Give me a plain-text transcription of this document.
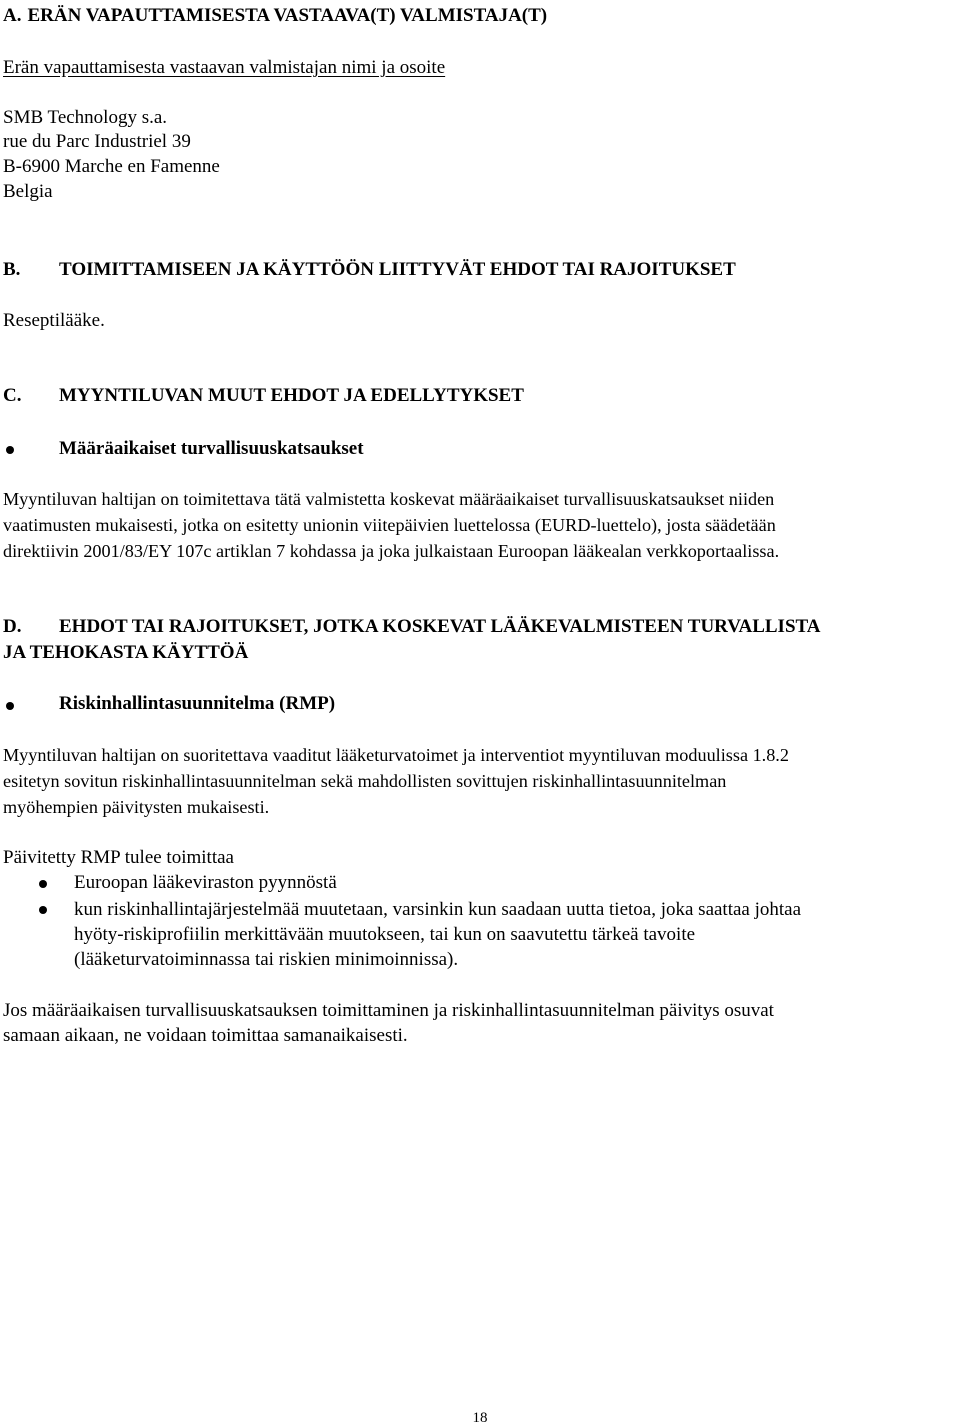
A. ERÄN VAPAUTTAMISESTA VASTAAVA(T) VALMISTAJA(T)
Erän vapauttamisesta vastaavan valmistajan nimi ja osoite
SMB Technology s.a.
rue du Parc Industriel 39
B-6900 Marche en Famenne
Belgia
B. TOIMITTAMISEEN JA KÄYTTÖÖN LIITTYVÄT EHDOT TAI RAJOITUKSET
Reseptilääke.
C. MYYNTILUVAN MUUT EHDOT JA EDELLYTYKSET
Määräaikaiset turvallisuuskatsaukset
Myyntiluvan haltijan on toimitettava tätä valmistetta koskevat määräaikaiset turvallisuuskatsaukset niiden
vaatimusten mukaisesti, jotka on esitetty unionin viitepäivien luettelossa (EURD-luettelo), josta säädetään
direktiivin 2001/83/EY 107c artiklan 7 kohdassa ja joka julkaistaan Euroopan lääkealan verkkoportaalissa.
D. EHDOT TAI RAJOITUKSET, JOTKA KOSKEVAT LÄÄKEVALMISTEEN TURVALLISTA
JA TEHOKASTA KÄYTTÖÄ
Riskinhallintasuunnitelma (RMP)
Myyntiluvan haltijan on suoritettava vaaditut lääketurvatoimet ja interventiot myyntiluvan moduulissa 1.8.2
esitetyn sovitun riskinhallintasuunnitelman sekä mahdollisten sovittujen riskinhallintasuunnitelman
myöhempien päivitysten mukaisesti.
Päivitetty RMP tulee toimittaa
Euroopan lääkeviraston pyynnöstä
kun riskinhallintajärjestelmää muutetaan, varsinkin kun saadaan uutta tietoa, joka saattaa johtaa
hyöty-riskiprofiilin merkittävään muutokseen, tai kun on saavutettu tärkeä tavoite
(lääketurvatoiminnassa tai riskien minimoinnissa).
Jos määräaikaisen turvallisuuskatsauksen toimittaminen ja riskinhallintasuunnitelman päivitys osuvat
samaan aikaan, ne voidaan toimittaa samanaikaisesti.
18
